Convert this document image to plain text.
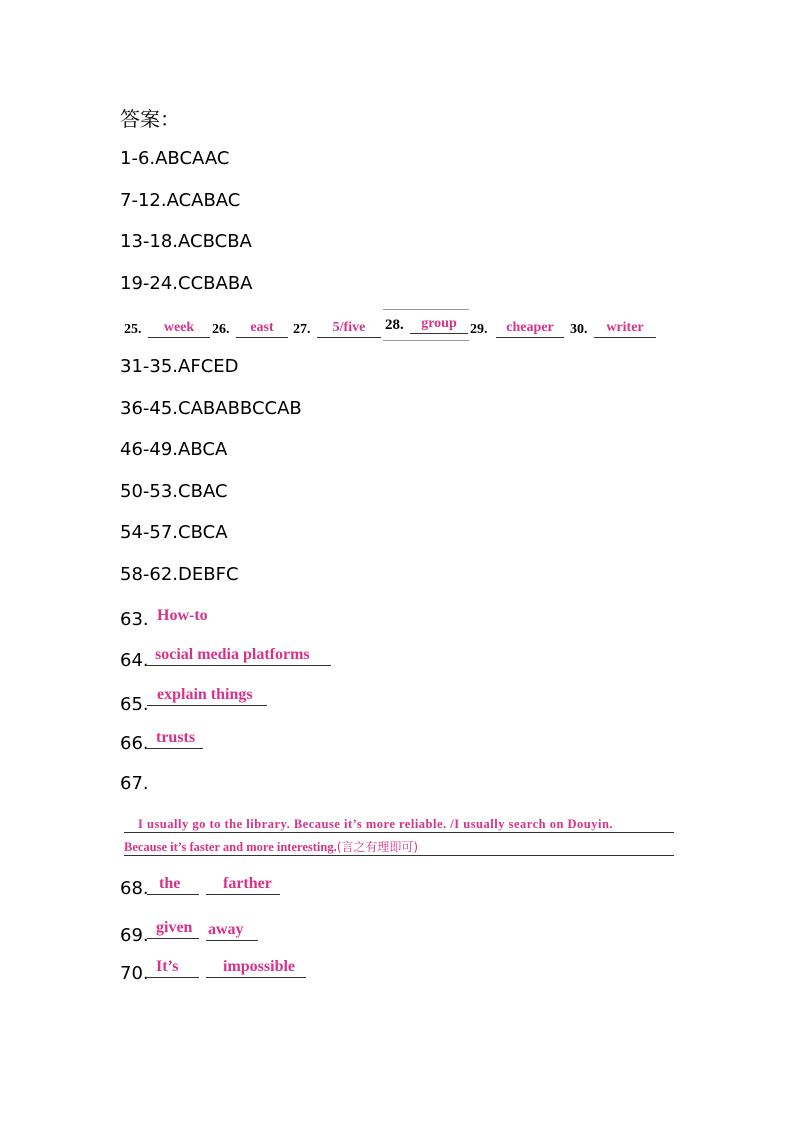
答案：
1-6.ABCAAC
7-12.ACABAC
13-18.ACBCBA
19-24.CCBABA
25.	week	26.	east	27.	5/five	28.	group 29.	cheaper	30.	writer
31-35.AFCED
36-45.CABABBCCAB
46-49.ABCA
50-53.CBAC
54-57.CBCA
58-62.DEBFC
63. How-to
64. social media platforms
65. explain things
66. trusts
67.
I usually go to the library. Because it’s more reliable. /I usually search on Douyin.
Because it’s faster and more interesting.(言之有理即可)
68. the	farther
69. given away
70. It’s	impossible
